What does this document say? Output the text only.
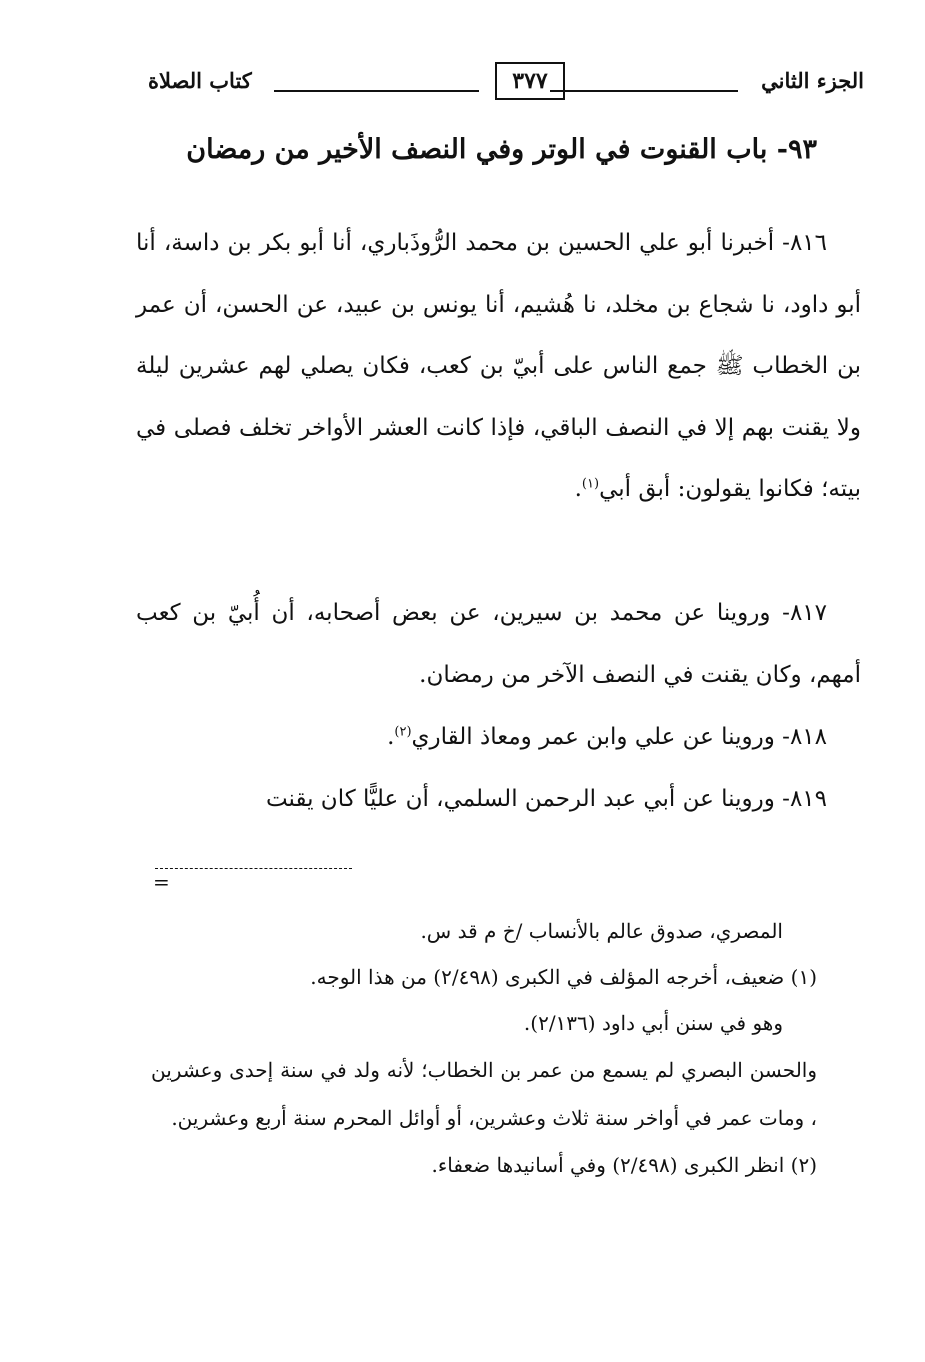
الجزء الثاني
٣٧٧
كتاب الصلاة
٩٣- باب القنوت في الوتر وفي النصف الأخير من رمضان
٨١٦- أخبرنا أبو علي الحسين بن محمد الرُّوذَباري، أنا أبو بكر بن داسة، أنا أبو داود، نا شجاع بن مخلد، نا هُشيم، أنا يونس بن عبيد، عن الحسن، أن عمر بن الخطاب ﷺ جمع الناس على أبيّ بن كعب، فكان يصلي لهم عشرين ليلة ولا يقنت بهم إلا في النصف الباقي، فإذا كانت العشر الأواخر تخلف فصلى في بيته؛ فكانوا يقولون: أبق أبي$^{(١)}$.
٨١٧- وروينا عن محمد بن سيرين، عن بعض أصحابه، أن أُبيّ بن كعب أمهم، وكان يقنت في النصف الآخر من رمضان.
٨١٨- وروينا عن علي وابن عمر ومعاذ القاري$^{(٢)}$.
٨١٩- وروينا عن أبي عبد الرحمن السلمي، أن عليًّا كان يقنت
=
المصري، صدوق عالم بالأنساب /خ م قد س.
(١) ضعيف، أخرجه المؤلف في الكبرى (٢/٤٩٨) من هذا الوجه.
وهو في سنن أبي داود (٢/١٣٦).
والحسن البصري لم يسمع من عمر بن الخطاب؛ لأنه ولد في سنة إحدى وعشرين ، ومات عمر في أواخر سنة ثلاث وعشرين، أو أوائل المحرم سنة أربع وعشرين.
(٢) انظر الكبرى (٢/٤٩٨) وفي أسانيدها ضعفاء.
